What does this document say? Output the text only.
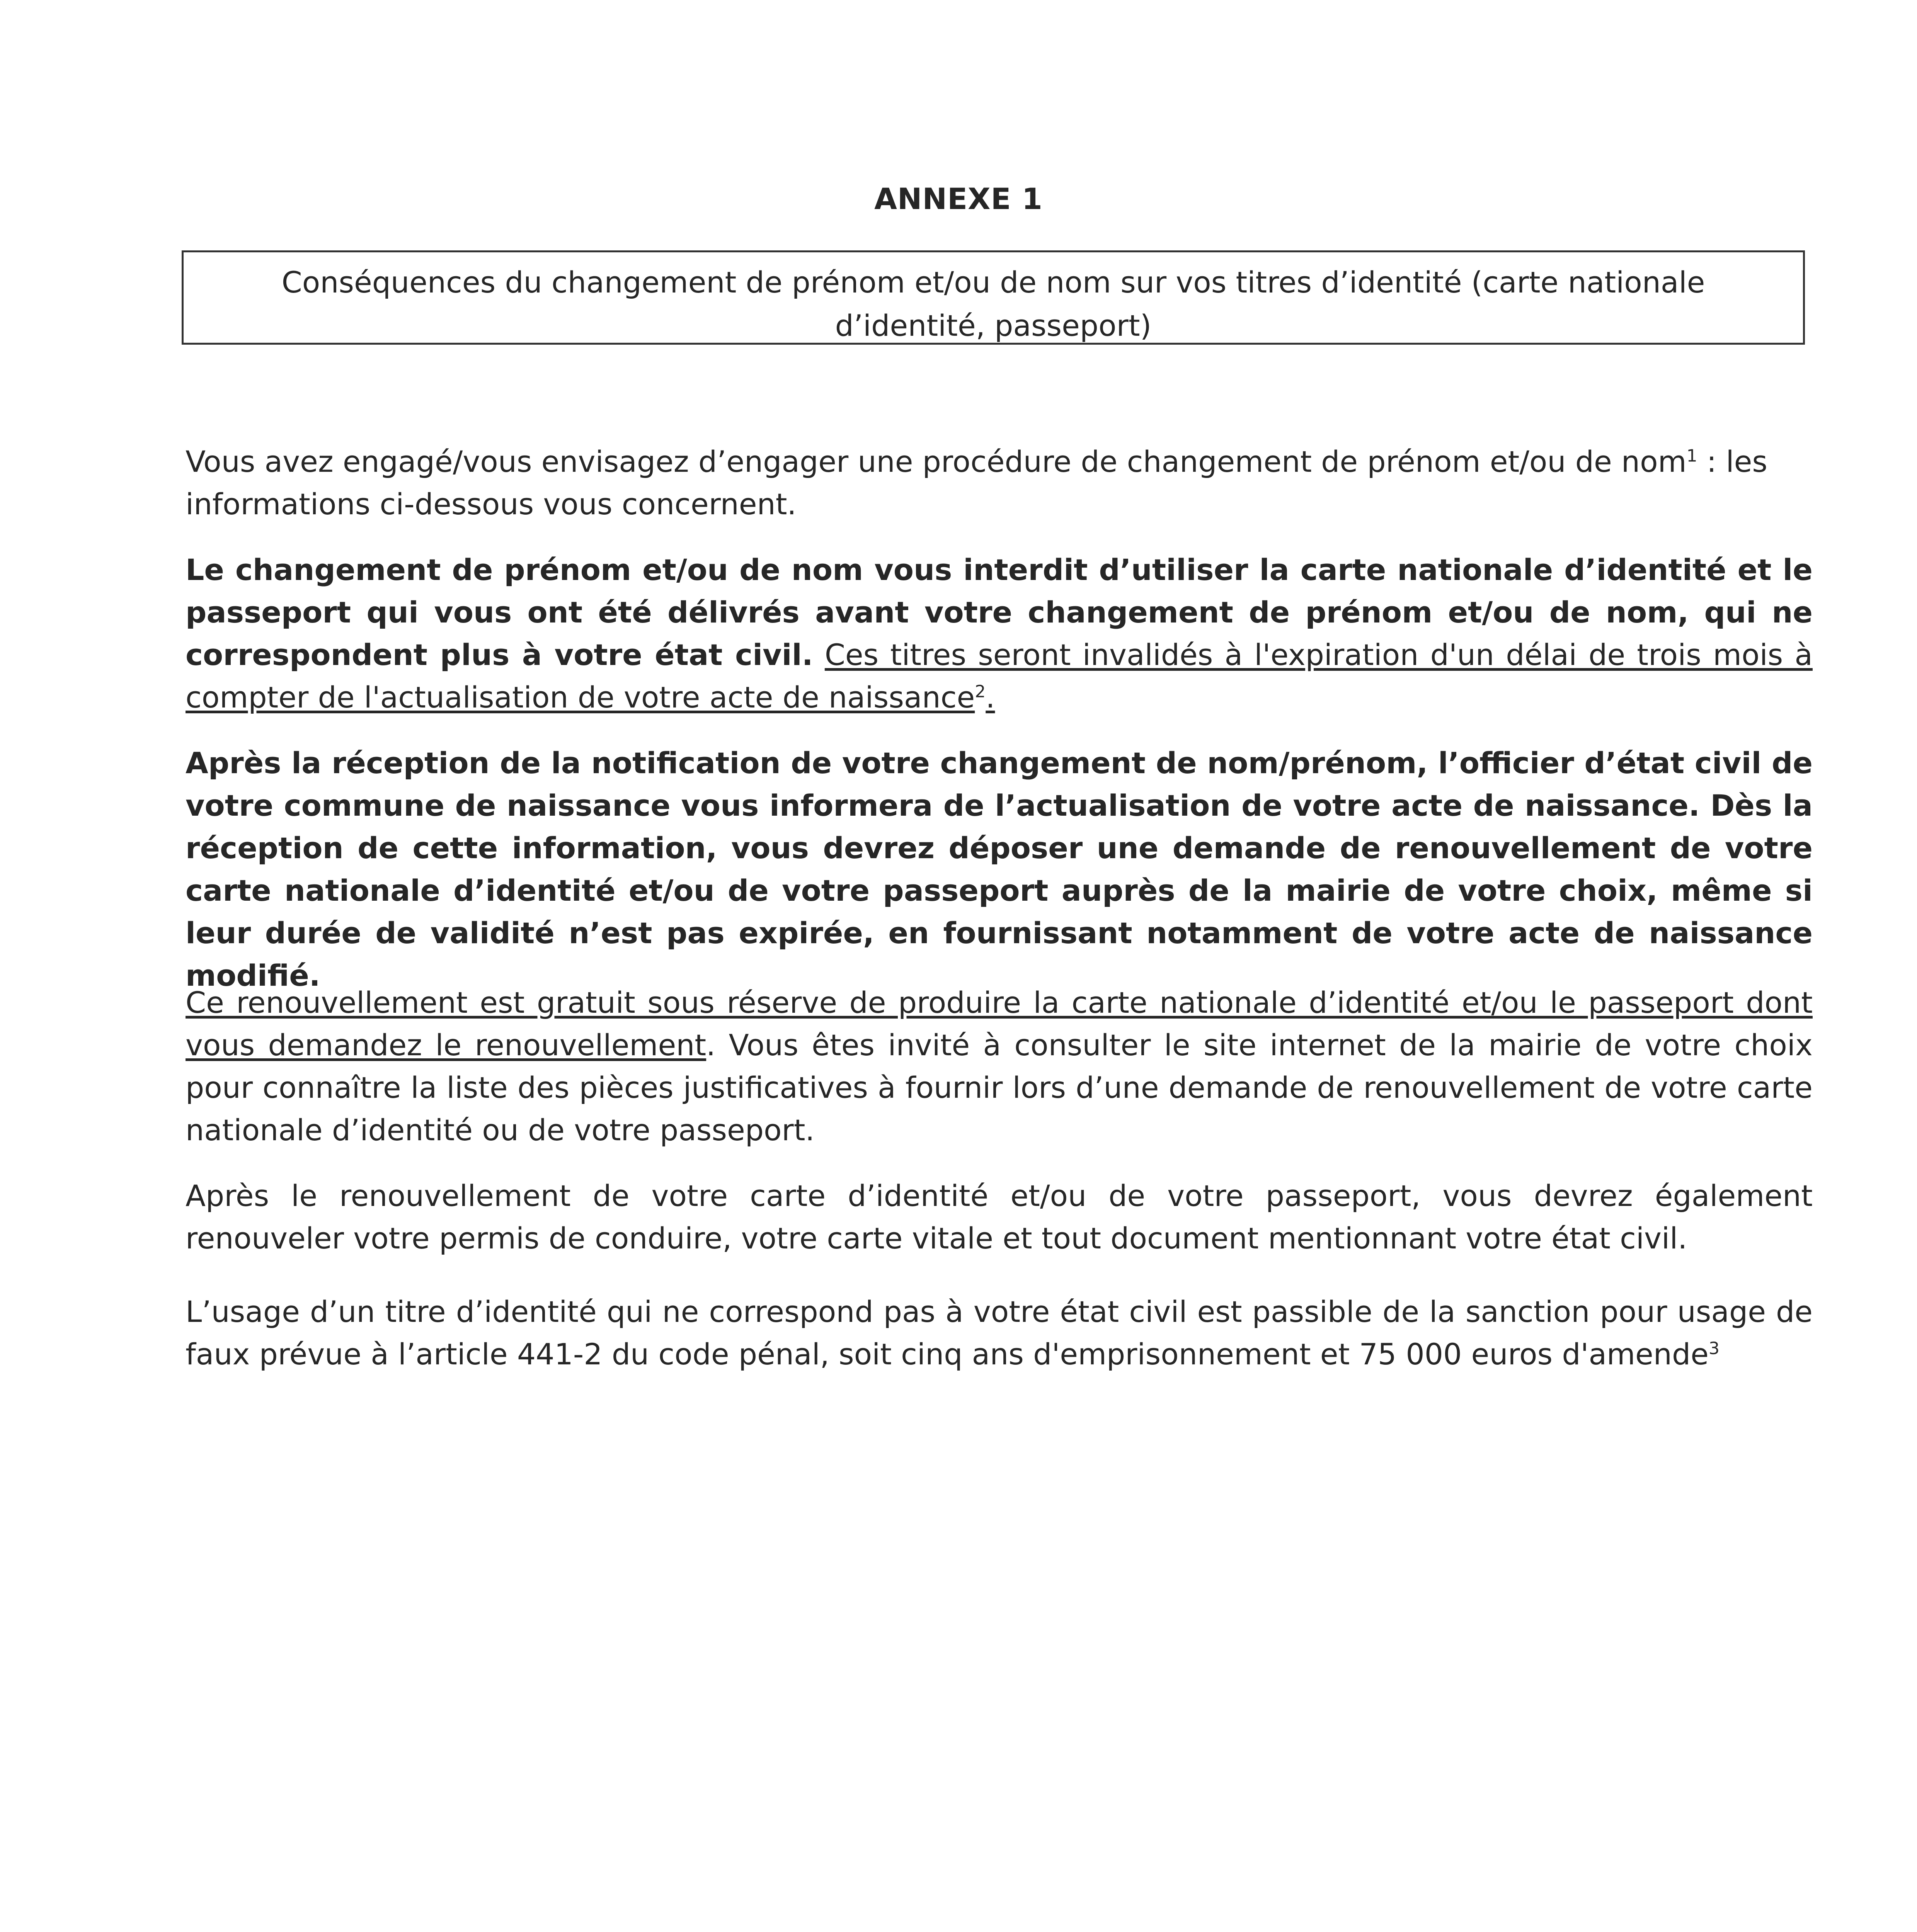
ANNEXE 1
Conséquences du changement de prénom et/ou de nom sur vos titres d’identité (carte nationale d’identité, passeport)
Vous avez engagé/vous envisagez d’engager une procédure de changement de prénom et/ou de nom$^1$ : les informations ci-dessous vous concernent.
Le changement de prénom et/ou de nom vous interdit d’utiliser la carte nationale d’identité et le passeport qui vous ont été délivrés avant votre changement de prénom et/ou de nom, qui ne correspondent plus à votre état civil. Ces titres seront invalidés à l'expiration d'un délai de trois mois à compter de l'actualisation de votre acte de naissance$^2$.
Après la réception de la notification de votre changement de nom/prénom, l’officier d’état civil de votre commune de naissance vous informera de l’actualisation de votre acte de naissance. Dès la réception de cette information, vous devrez déposer une demande de renouvellement de votre carte nationale d’identité et/ou de votre passeport auprès de la mairie de votre choix, même si leur durée de validité n’est pas expirée, en fournissant notamment de votre acte de naissance modifié.
Ce renouvellement est gratuit sous réserve de produire la carte nationale d’identité et/ou le passeport dont vous demandez le renouvellement. Vous êtes invité à consulter le site internet de la mairie de votre choix pour connaître la liste des pièces justificatives à fournir lors d’une demande de renouvellement de votre carte nationale d’identité ou de votre passeport.
Après le renouvellement de votre carte d’identité et/ou de votre passeport, vous devrez également renouveler votre permis de conduire, votre carte vitale et tout document mentionnant votre état civil.
L’usage d’un titre d’identité qui ne correspond pas à votre état civil est passible de la sanction pour usage de faux prévue à l’article 441-2 du code pénal, soit cinq ans d'emprisonnement et 75 000 euros d'amende$^3$
